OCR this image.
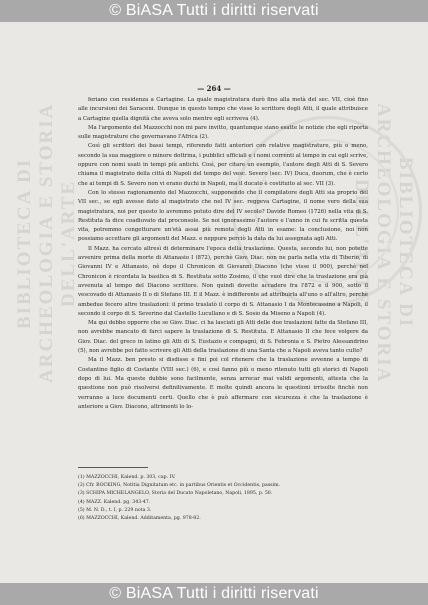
© BiASA Tutti i diritti riservati
BIBLIOTECA DI ARCHEOLOGIA E STORIA DELL'ARTE	BIBLIOTECA DI ARCHEOLOGIA E STORIA DELL'ARTE
— 264 —

feriano con residenza a Cartagine. La quale magistratura durò fino alla metà del sec. VII, cioè fino alle incursioni dei Saraceni. Dunque in questo tempo che visse lo scrittore degli Atti, il quale attribuisce a Cartagine quella dignità che aveva solo mentre egli scriveva (4).

Ma l'argomento del Mazzocchi non mi pare invitto, quantunque siano esatte le notizie che egli riporta sulle magistrature che governavano l'Africa (2).

Così gli scrittori dei bassi tempi, riferendo fatti anteriori con relative magistrature, più o meno, secondo la sua maggiore o minore dottrina, i pubblici ufficiali e i nomi correnti al tempo in cui egli scrive, oppure con nomi usati in tempi più antichi. Così, per citare un esempio, l'autore degli Atti di S. Severo chiama il magistrato della città di Napoli del tempo del vesc. Severo (sec. IV) Duca, duorum, che è certo che ai tempi di S. Severo non vi erano duchi in Napoli, ma il ducato è costituito al sec. VII (3).

Con lo stesso ragionamento del Mazzocchi, supponendo che il compilatore degli Atti sia proprio del VII sec., se egli avesse dato al magistrato che nel IV sec. reggeva Cartagine, il nome vero della sua magistratura, noi per questo lo avremmo potuto dire del IV secolo? Davide Romeo (1726) nella vita di S. Restituta fa dice coadiuvato dal proconsole. Se noi ignorassimo l'autore e l'anno in cui fu scritta questa vita, potremmo congetturare un'età assai più remota degli Atti in esame: la conclusione, noi non possiamo accettare gli argomenti del Mazz. e neppure perciò la data da lui assegnata agli Atti.

Il Mazz. ha cercato altresì di determinare l'epoca della traslazione. Questa, secondo lui, non potette avvenire prima della morte di Attanasio I (872), perchè Giov. Diac. non ne parla nella vita di Tiberio, di Giovanni IV e Attanasio, nè dopo il Chronicon di Giovanni Diacono (che visse il 900), perchè nel Chronicon è ricordata la basilica di S. Restituta sotto Zosimo, il che vuol dire che la traslazione era già avvenuta al tempo del Diacono scrittore. Non quindi dovette accadere fra l'872 e il 900, sotto il vescovado di Attanasio II o di Stefano III. E il Mazz. è indifferente ad attribuirla all'uno o all'altro, perchè ambedue fecero altre traslazioni: il primo traslatò il corpo di S. Attanasio I da Montecassino a Napoli, il secondo il corpo di S. Severino dal Castello Lucullano e di S. Sosio da Miseno a Napoli (4).

Ma qui debbo opporre che se Giov. Diac. ci ha lasciati gli Atti delle due traslazioni fatte da Stefano III, non avrebbe mancato di farci sapere la traslazione di S. Restituta. E Attanasio II che fece volgere da Giov. Diac. del greco in latino gli Atti di S. Eustazio e compagni, di S. Febronia e S. Pietro Alessandrino (5), non avrebbe poi fatto scrivere gli Atti della traslazione di una Santa che a Napoli aveva tanto culto?

Ma il Mazz. ben presto si disdisse e fini poi col ritenere che la traslazione avvenne a tempo di Costantino figlio di Costante (VIII sec.) (6), e così fanno più o meno ritenuto tutti gli storici di Napoli dopo di lui. Ma queste dubbie sono facilmente, senza arrecar mai validi argomenti, attesta che la questione non può risolversi definitivamente. E molte quindi ancora le questioni irrisolte finchè non verranno a luce documenti certi. Quello che è può affermare con sicurezza è che la traslazione è anteriore a Giov. Diacono, altrimenti lo lo-

(1) MAZZOCCHI, Kalend. p. 303, cap. IV.
(2) Cfr. BOCKING, Notitia Dignitatum etc. in partibus Orientis et Occidentis, passim.
(3) SCHIPA MICHELANGELO, Storia del Ducato Napoletano, Napoli, 1895, p. 50.
(4) MAZZ. Kalend. pg. 343-47.
(5) M. N. D., t. I, p. 229 nota 3.
(6) MAZZOCCHI, Kalend. Additamenta, pg. 978-82.
© BiASA Tutti i diritti riservati
